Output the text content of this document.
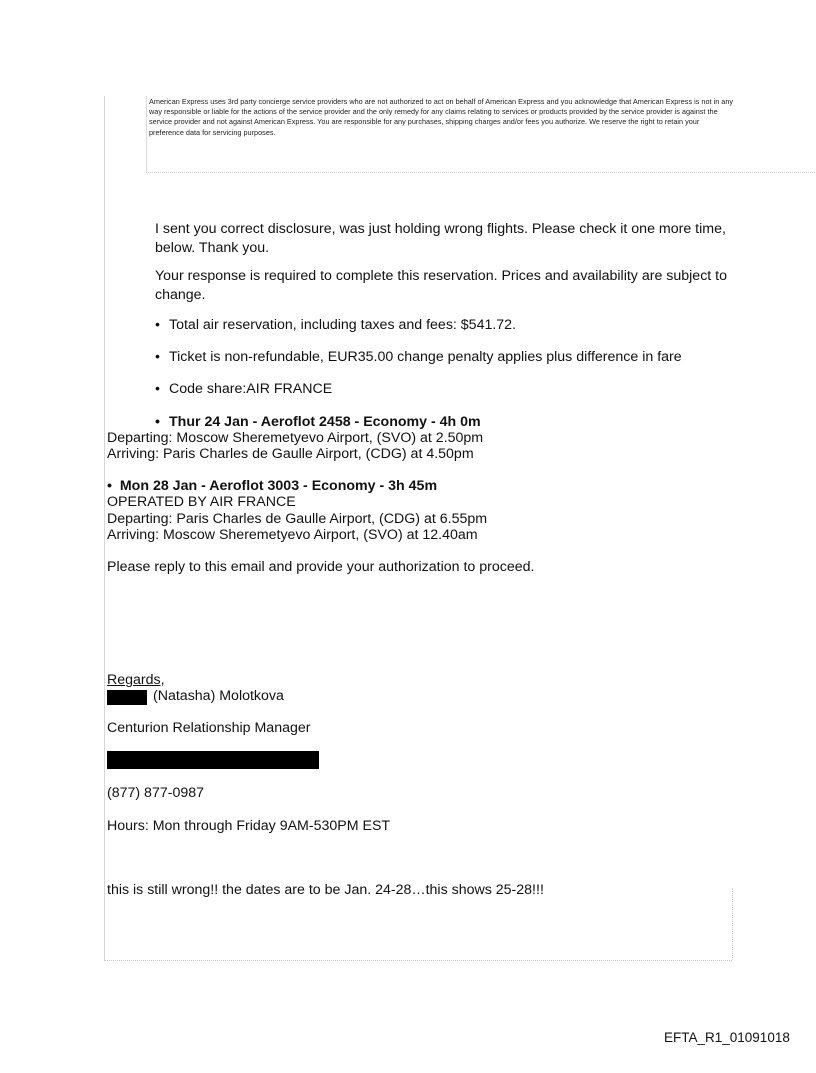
American Express uses 3rd party concierge service providers who are not authorized to act on behalf of American Express and you acknowledge that American Express is not in any
way responsible or liable for the actions of the service provider and the only remedy for any claims relating to services or products provided by the service provider is against the
service provider and not against American Express. You are responsible for any purchases, shipping charges and/or fees you authorize. We reserve the right to retain your
preference data for servicing purposes.
I sent you correct disclosure, was just holding wrong flights. Please check it one more time, below. Thank you.
Your response is required to complete this reservation. Prices and availability are subject to change.
• Total air reservation, including taxes and fees: $541.72.
• Ticket is non-refundable, EUR35.00 change penalty applies plus difference in fare
• Code share:AIR FRANCE
• Thur 24 Jan - Aeroflot 2458 - Economy - 4h 0m
Departing: Moscow Sheremetyevo Airport, (SVO) at 2.50pm
Arriving: Paris Charles de Gaulle Airport, (CDG) at 4.50pm
• Mon 28 Jan - Aeroflot 3003 - Economy - 3h 45m
OPERATED BY AIR FRANCE
Departing: Paris Charles de Gaulle Airport, (CDG) at 6.55pm
Arriving: Moscow Sheremetyevo Airport, (SVO) at 12.40am
Please reply to this email and provide your authorization to proceed.
Regards,
(Natasha) Molotkova
Centurion Relationship Manager
(877) 877-0987
Hours: Mon through Friday 9AM-530PM EST
this is still wrong!! the dates are to be Jan. 24-28…this shows 25-28!!!
EFTA_R1_01091018
